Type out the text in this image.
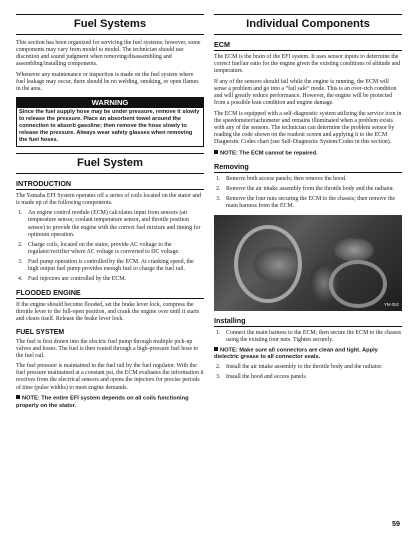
Fuel Systems

This section has been organized for servicing the fuel systems; however, some components may vary from model to model. The technician should use discretion and sound judgment when removing/disassembling and assembling/installing components.

Whenever any maintenance or inspection is made on the fuel system where fuel leakage may occur, there should be no welding, smoking, or open flames in the area.

WARNING
Since the fuel supply hose may be under pressure, remove it slowly to release the pressure. Place an absorbent towel around the connection to absorb gasoline; then remove the hose slowly to release the pressure. Always wear safety glasses when removing the fuel hoses.
Fuel System
INTRODUCTION

The Yamaha EFI System operates off a series of coils located on the stator and is made up of the following components.

1. An engine control module (ECM) calculates input from sensors (air temperature sensor, coolant temperature sensor, and throttle position sensor) to provide the engine with the correct fuel mixture and timing for optimum operation.
2. Charge coils, located on the stator, provide AC voltage to the regulator/rectifier where AC voltage is converted to DC voltage.
3. Fuel pump operation is controlled by the ECM. At cranking speed, the high output fuel pump provides enough fuel to charge the fuel rail.
4. Fuel injectors are controlled by the ECM.
FLOODED ENGINE

If the engine should become flooded, set the brake lever lock, compress the throttle lever to the full-open position, and crank the engine over until it starts and clears itself. Release the brake lever lock.

FUEL SYSTEM

The fuel is first drawn into the electric fuel pump through multiple pick-up valves and hoses. The fuel is then routed through a high-pressure fuel hose to the fuel rail.

The fuel pressure is maintained in the fuel rail by the fuel regulator. With the fuel pressure maintained at a constant psi, the ECM evaluates the information it receives from the electrical sensors and opens the injectors for precise periods of time (pulse widths) to meet engine demands.

NOTE: The entire EFI system depends on all coils functioning properly on the stator.
Individual Components
ECM

The ECM is the brain of the EFI system. It uses sensor inputs to determine the correct fuel/air ratio for the engine given the existing conditions of altitude and temperature.

If any of the sensors should fail while the engine is running, the ECM will sense a problem and go into a “fail safe” mode. This is an over-rich condition and will greatly reduce performance. However, the engine will be protected from a possible lean condition and engine damage.

The ECM is equipped with a self-diagnostic system utilizing the service icon in the speedometer/tachometer and remains illuminated when a problem exists with any of the sensors. The technician can determine the problem sensor by reading the code shown on the readout screen and applying it to the ECM Diagnostic Codes chart (see Self-Diagnostic System/Codes in this section).

NOTE: The ECM cannot be repaired.
Removing
1. Remove both access panels; then remove the hood.
2. Remove the air intake assembly from the throttle body and the radiator.
3. Remove the four nuts securing the ECM to the chassis; then remove the main harness from the ECM.
YM-052
Installing
1. Connect the main harness to the ECM; then secure the ECM to the chassis using the existing four nuts. Tighten securely.
NOTE: Make sure all connectors are clean and tight. Apply dielectric grease to all connector seals.
2. Install the air intake assembly to the throttle body and the radiator.
3. Install the hood and access panels.
59
